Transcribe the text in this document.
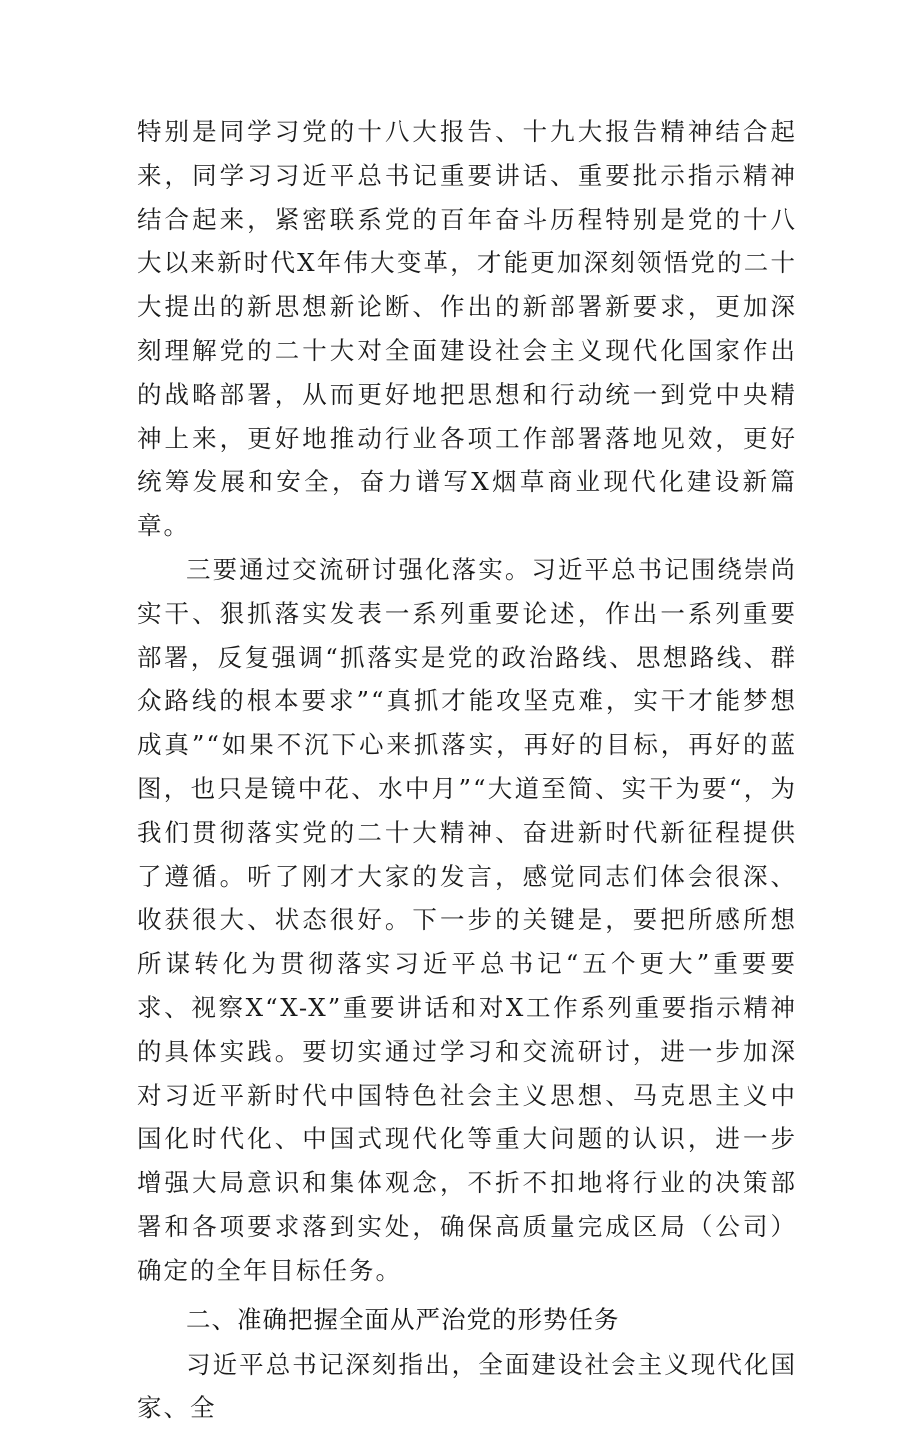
特别是同学习党的十八大报告、十九大报告精神结合起来，同学习习近平总书记重要讲话、重要批示指示精神结合起来，紧密联系党的百年奋斗历程特别是党的十八大以来新时代X年伟大变革，才能更加深刻领悟党的二十大提出的新思想新论断、作出的新部署新要求，更加深刻理解党的二十大对全面建设社会主义现代化国家作出的战略部署，从而更好地把思想和行动统一到党中央精神上来，更好地推动行业各项工作部署落地见效，更好统筹发展和安全，奋力谱写X烟草商业现代化建设新篇章。

三要通过交流研讨强化落实。习近平总书记围绕崇尚实干、狠抓落实发表一系列重要论述，作出一系列重要部署，反复强调“抓落实是党的政治路线、思想路线、群众路线的根本要求”“真抓才能攻坚克难，实干才能梦想成真”“如果不沉下心来抓落实，再好的目标，再好的蓝图，也只是镜中花、水中月”“大道至简、实干为要“，为我们贯彻落实党的二十大精神、奋进新时代新征程提供了遵循。听了刚才大家的发言，感觉同志们体会很深、收获很大、状态很好。下一步的关键是，要把所感所想所谋转化为贯彻落实习近平总书记“五个更大”重要要求、视察X“X-X”重要讲话和对X工作系列重要指示精神的具体实践。要切实通过学习和交流研讨，进一步加深对习近平新时代中国特色社会主义思想、马克思主义中国化时代化、中国式现代化等重大问题的认识，进一步增强大局意识和集体观念，不折不扣地将行业的决策部署和各项要求落到实处，确保高质量完成区局（公司）确定的全年目标任务。

二、准确把握全面从严治党的形势任务

习近平总书记深刻指出，全面建设社会主义现代化国家、全
